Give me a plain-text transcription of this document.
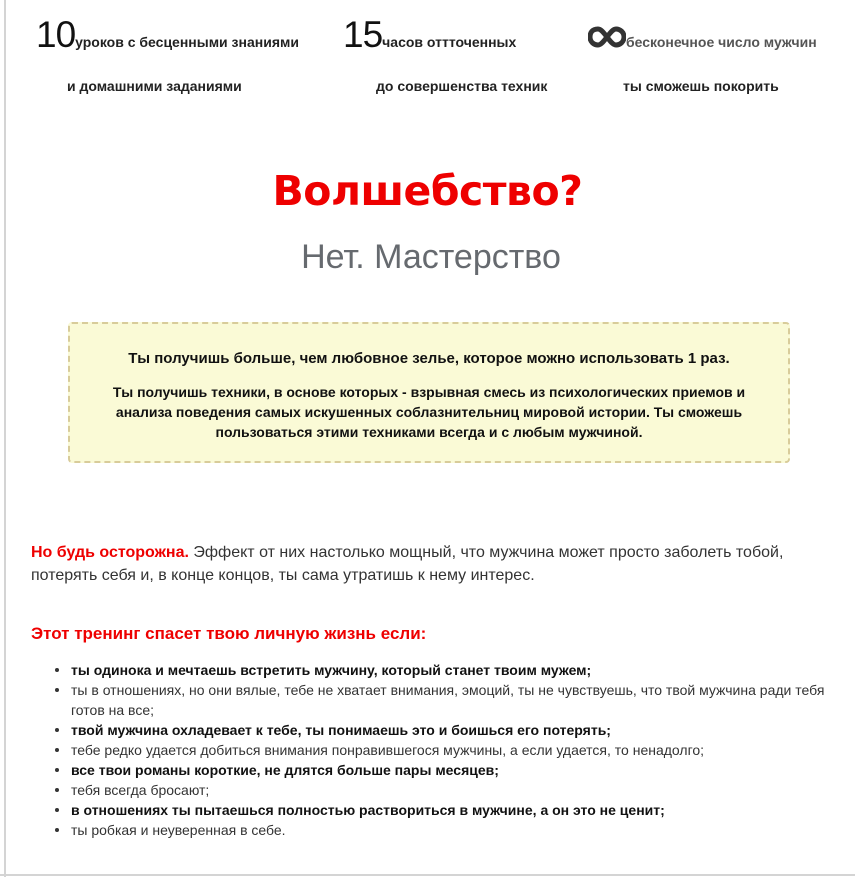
10уроков с бесценными знаниями
и домашними заданиями
15часов оттточенных
до совершенства техник
бесконечное число мужчин
ты сможешь покорить
Волшебство?
Нет. Мастерство
Ты получишь больше, чем любовное зелье, которое можно использовать 1 раз.
Ты получишь техники, в основе которых - взрывная смесь из психологических приемов и анализа поведения самых искушенных соблазнительниц мировой истории. Ты сможешь пользоваться этими техниками всегда и с любым мужчиной.
Но будь осторожна. Эффект от них настолько мощный, что мужчина может просто заболеть тобой, потерять себя и, в конце концов, ты сама утратишь к нему интерес.
Этот тренинг спасет твою личную жизнь если:
ты одинока и мечтаешь встретить мужчину, который станет твоим мужем;
ты в отношениях, но они вялые, тебе не хватает внимания, эмоций, ты не чувствуешь, что твой мужчина ради тебя готов на все;
твой мужчина охладевает к тебе, ты понимаешь это и боишься его потерять;
тебе редко удается добиться внимания понравившегося мужчины, а если удается, то ненадолго;
все твои романы короткие, не длятся больше пары месяцев;
тебя всегда бросают;
в отношениях ты пытаешься полностью раствориться в мужчине, а он это не ценит;
ты робкая и неуверенная в себе.
